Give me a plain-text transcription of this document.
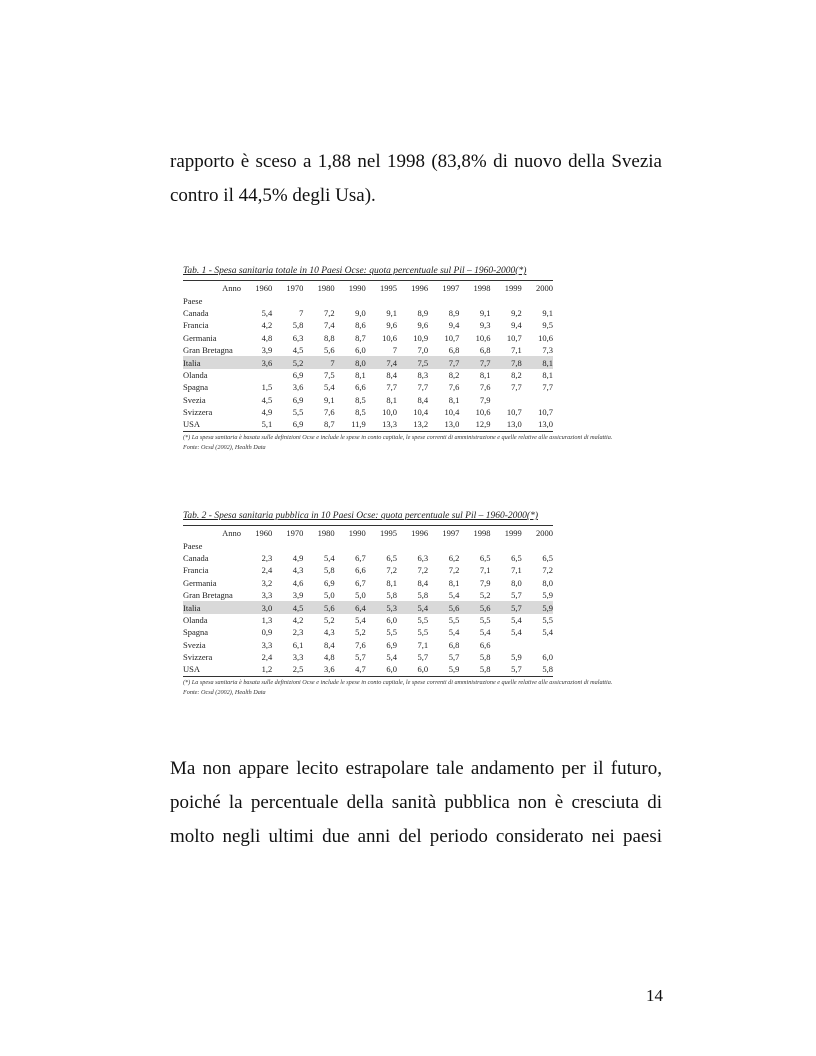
rapporto è sceso a 1,88 nel 1998 (83,8% di nuovo della Svezia
contro il 44,5% degli Usa).
Tab. 1 - Spesa sanitaria totale in 10 Paesi Ocse: quota percentuale sul Pil – 1960-2000(*)
Anno	1960	1970	1980	1990	1995	1996	1997	1998	1999	2000
Paese										
Canada	5,4	7	7,2	9,0	9,1	8,9	8,9	9,1	9,2	9,1
Francia	4,2	5,8	7,4	8,6	9,6	9,6	9,4	9,3	9,4	9,5
Germania	4,8	6,3	8,8	8,7	10,6	10,9	10,7	10,6	10,7	10,6
Gran Bretagna	3,9	4,5	5,6	6,0	7	7,0	6,8	6,8	7,1	7,3
Italia	3,6	5,2	7	8,0	7,4	7,5	7,7	7,7	7,8	8,1
Olanda		6,9	7,5	8,1	8,4	8,3	8,2	8,1	8,2	8,1
Spagna	1,5	3,6	5,4	6,6	7,7	7,7	7,6	7,6	7,7	7,7
Svezia	4,5	6,9	9,1	8,5	8,1	8,4	8,1	7,9		
Svizzera	4,9	5,5	7,6	8,5	10,0	10,4	10,4	10,6	10,7	10,7
USA	5,1	6,9	8,7	11,9	13,3	13,2	13,0	12,9	13,0	13,0
(*) La spesa sanitaria è basata sulle definizioni Ocse e include le spese in conto capitale, le spese correnti di amministrazione e quelle relative alle assicurazioni di malattia.
Fonte: Ocsd (2002), Health Data
Tab. 2 - Spesa sanitaria pubblica in 10 Paesi Ocse: quota percentuale sul Pil – 1960-2000(*)
Anno	1960	1970	1980	1990	1995	1996	1997	1998	1999	2000
Paese										
Canada	2,3	4,9	5,4	6,7	6,5	6,3	6,2	6,5	6,5	6,5
Francia	2,4	4,3	5,8	6,6	7,2	7,2	7,2	7,1	7,1	7,2
Germania	3,2	4,6	6,9	6,7	8,1	8,4	8,1	7,9	8,0	8,0
Gran Bretagna	3,3	3,9	5,0	5,0	5,8	5,8	5,4	5,2	5,7	5,9
Italia	3,0	4,5	5,6	6,4	5,3	5,4	5,6	5,6	5,7	5,9
Olanda	1,3	4,2	5,2	5,4	6,0	5,5	5,5	5,5	5,4	5,5
Spagna	0,9	2,3	4,3	5,2	5,5	5,5	5,4	5,4	5,4	5,4
Svezia	3,3	6,1	8,4	7,6	6,9	7,1	6,8	6,6		
Svizzera	2,4	3,3	4,8	5,7	5,4	5,7	5,7	5,8	5,9	6,0
USA	1,2	2,5	3,6	4,7	6,0	6,0	5,9	5,8	5,7	5,8
(*) La spesa sanitaria è basata sulle definizioni Ocse e include le spese in conto capitale, le spese correnti di amministrazione e quelle relative alle assicurazioni di malattia.
Fonte: Ocsd (2002), Health Data
Ma non appare lecito estrapolare tale andamento per il futuro,
poiché la percentuale della sanità pubblica non è cresciuta di
molto negli ultimi due anni del periodo considerato nei paesi
14
